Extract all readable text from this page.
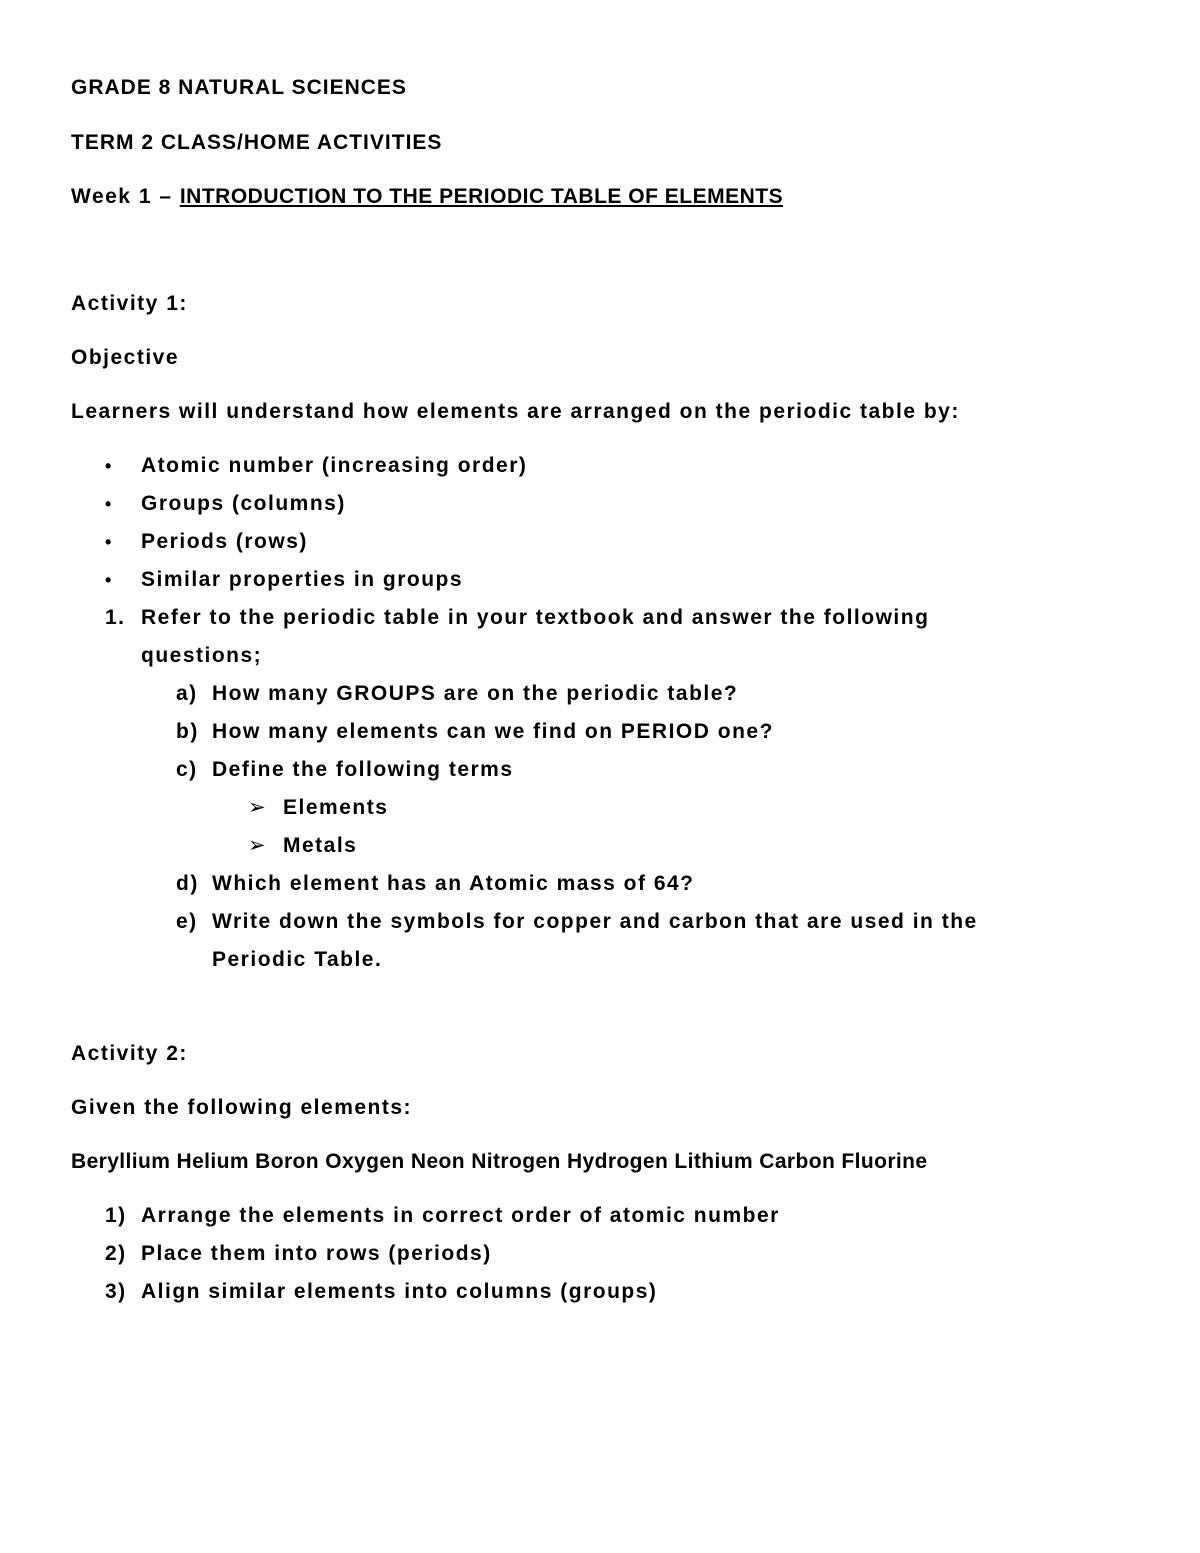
GRADE 8 NATURAL SCIENCES
TERM 2 CLASS/HOME ACTIVITIES
Week 1 – INTRODUCTION TO THE PERIODIC TABLE OF ELEMENTS
Activity 1:
Objective
Learners will understand how elements are arranged on the periodic table by:
• Atomic number (increasing order)
• Groups (columns)
• Periods (rows)
• Similar properties in groups
1. Refer to the periodic table in your textbook and answer the following
questions;
a) How many GROUPS are on the periodic table?
b) How many elements can we find on PERIOD one?
c) Define the following terms
➢ Elements
➢ Metals
d) Which element has an Atomic mass of 64?
e) Write down the symbols for copper and carbon that are used in the
Periodic Table.
Activity 2:
Given the following elements:
Beryllium Helium Boron Oxygen Neon Nitrogen Hydrogen Lithium Carbon Fluorine
1) Arrange the elements in correct order of atomic number
2) Place them into rows (periods)
3) Align similar elements into columns (groups)
